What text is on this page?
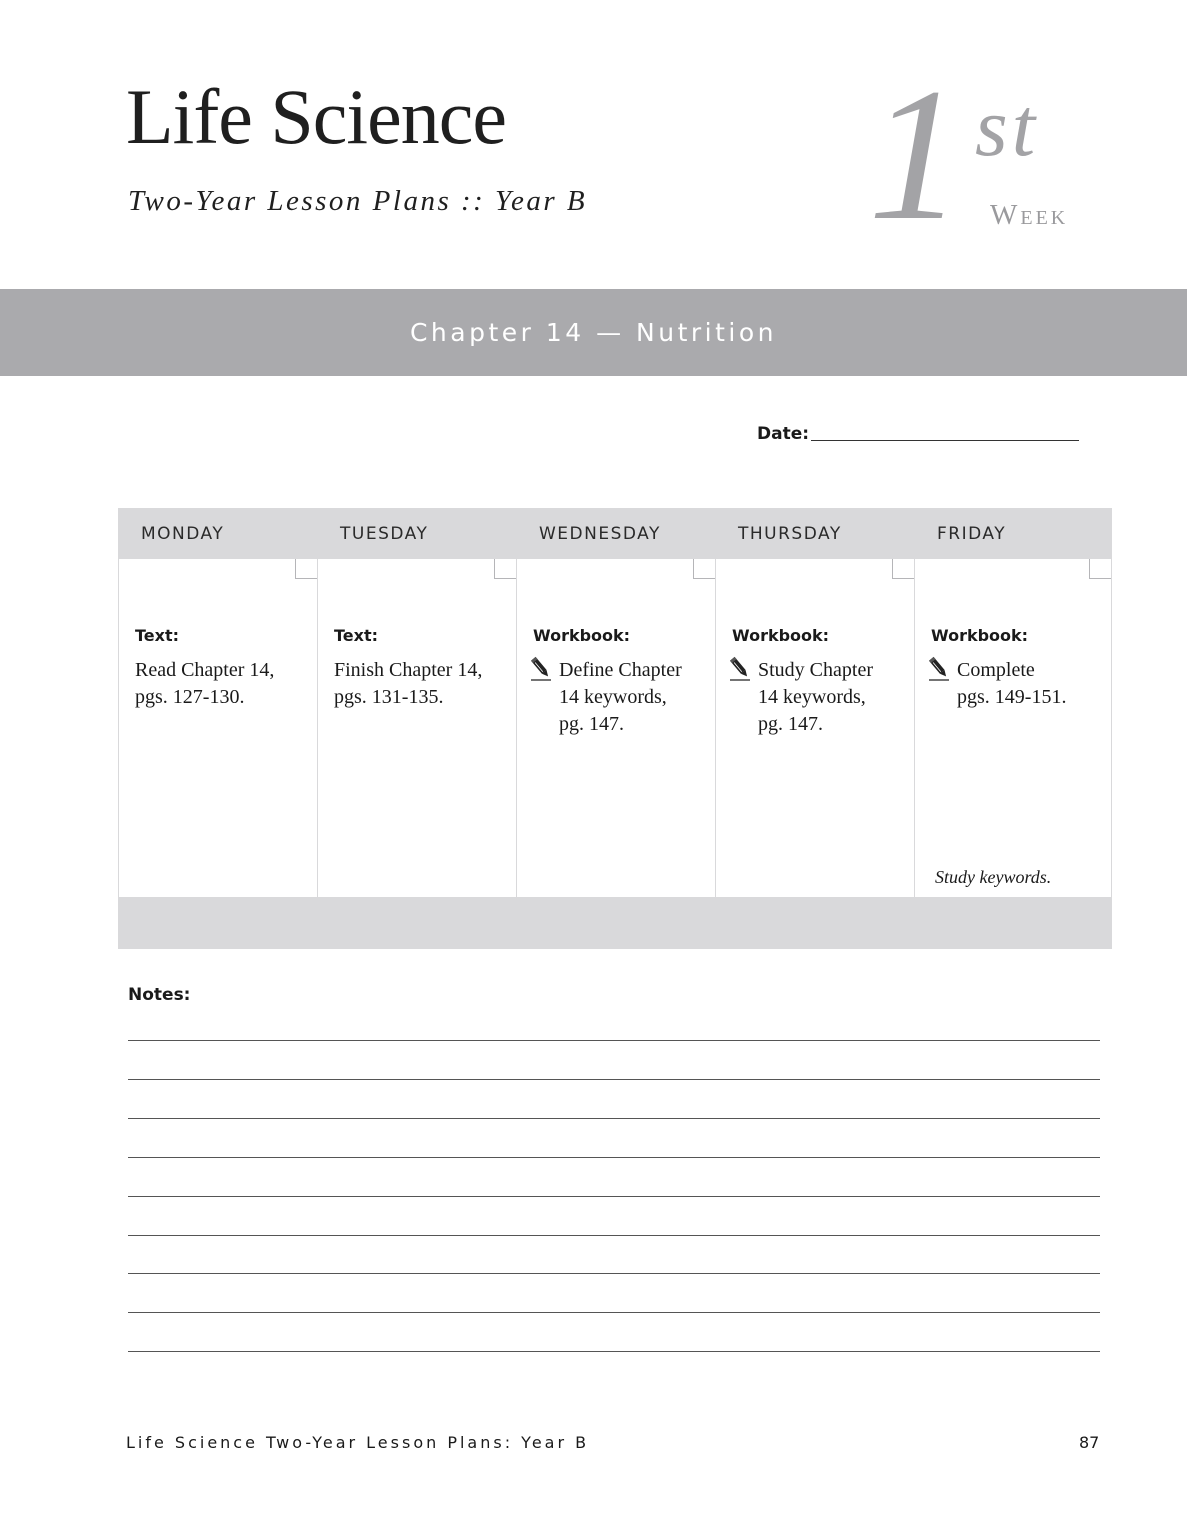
Life Science
Two-Year Lesson Plans :: Year B 1 st
Week
Chapter 14 — Nutrition
Date:
MONDAY
Text:
Read Chapter 14,
pgs. 127-130.
TUESDAY
Text:
Finish Chapter 14,
pgs. 131-135.
WEDNESDAY
Workbook:
Define Chapter
14 keywords,
pg. 147.
THURSDAY
Workbook:
Study Chapter
14 keywords,
pg. 147.
FRIDAY
Workbook:
Complete
pgs. 149-151.
Study keywords.
Notes:
Life Science Two-Year Lesson Plans: Year B	87
